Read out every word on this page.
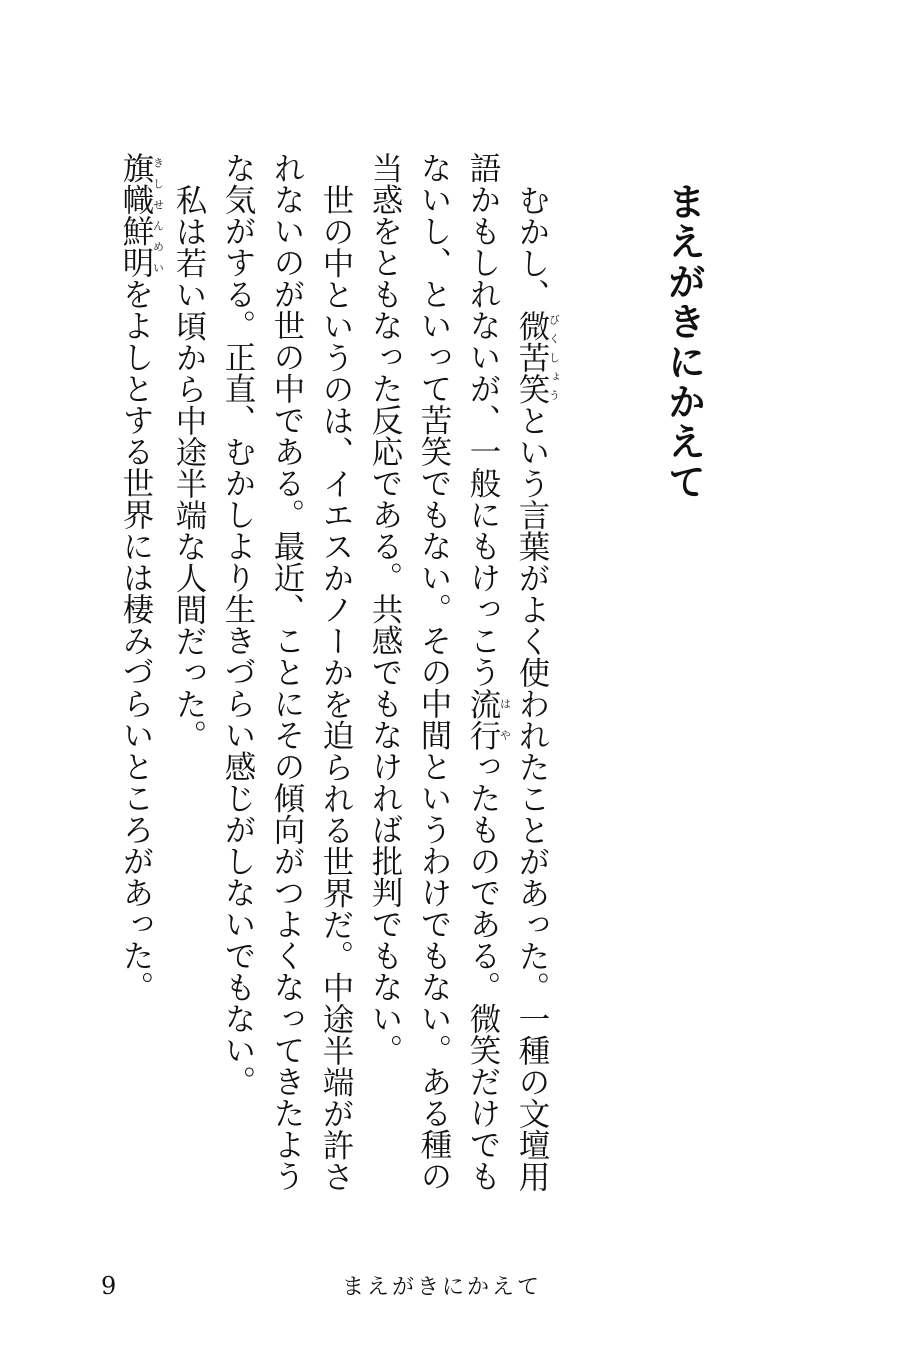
まえがきにかえて

むかし、微苦笑びくしょうという言葉がよく使われたことがあった。一種の文壇用語かもしれないが、一般にもけっこう流行はやったものである。微笑だけでもないし、といって苦笑でもない。その中間というわけでもない。ある種の当惑をともなった反応である。共感でもなければ批判でもない。

世の中というのは、イエスかノーかを迫られる世界だ。中途半端が許されないのが世の中である。最近、ことにその傾向がつよくなってきたような気がする。正直、むかしより生きづらい感じがしないでもない。

私は若い頃から中途半端な人間だった。

旗幟鮮明きしせんめいをよしとする世界には棲みづらいところがあった。

9	まえがきにかえて
